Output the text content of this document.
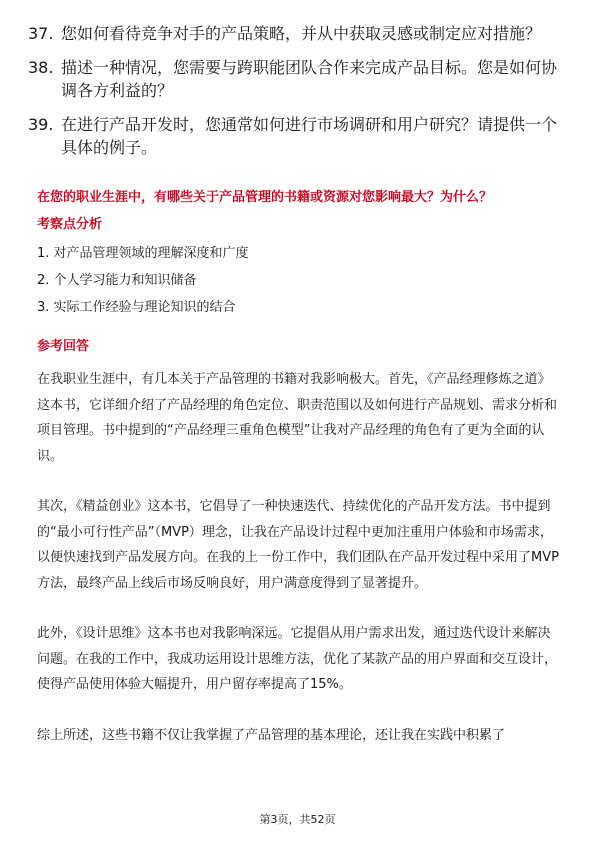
37. 您如何看待竞争对手的产品策略，并从中获取灵感或制定应对措施？
38. 描述一种情况，您需要与跨职能团队合作来完成产品目标。您是如何协调各方利益的？
39. 在进行产品开发时，您通常如何进行市场调研和用户研究？请提供一个具体的例子。
在您的职业生涯中，有哪些关于产品管理的书籍或资源对您影响最大？为什么？
考察点分析
1. 对产品管理领域的理解深度和广度
2. 个人学习能力和知识储备
3. 实际工作经验与理论知识的结合
参考回答

在我职业生涯中，有几本关于产品管理的书籍对我影响极大。首先，《产品经理修炼之道》这本书，它详细介绍了产品经理的角色定位、职责范围以及如何进行产品规划、需求分析和项目管理。书中提到的“产品经理三重角色模型”让我对产品经理的角色有了更为全面的认识。

其次，《精益创业》这本书，它倡导了一种快速迭代、持续优化的产品开发方法。书中提到的“最小可行性产品”（MVP）理念，让我在产品设计过程中更加注重用户体验和市场需求，以便快速找到产品发展方向。在我的上一份工作中，我们团队在产品开发过程中采用了MVP方法，最终产品上线后市场反响良好，用户满意度得到了显著提升。

此外，《设计思维》这本书也对我影响深远。它提倡从用户需求出发，通过迭代设计来解决问题。在我的工作中，我成功运用设计思维方法，优化了某款产品的用户界面和交互设计，使得产品使用体验大幅提升，用户留存率提高了15%。

综上所述，这些书籍不仅让我掌握了产品管理的基本理论，还让我在实践中积累了

第3页，共52页
